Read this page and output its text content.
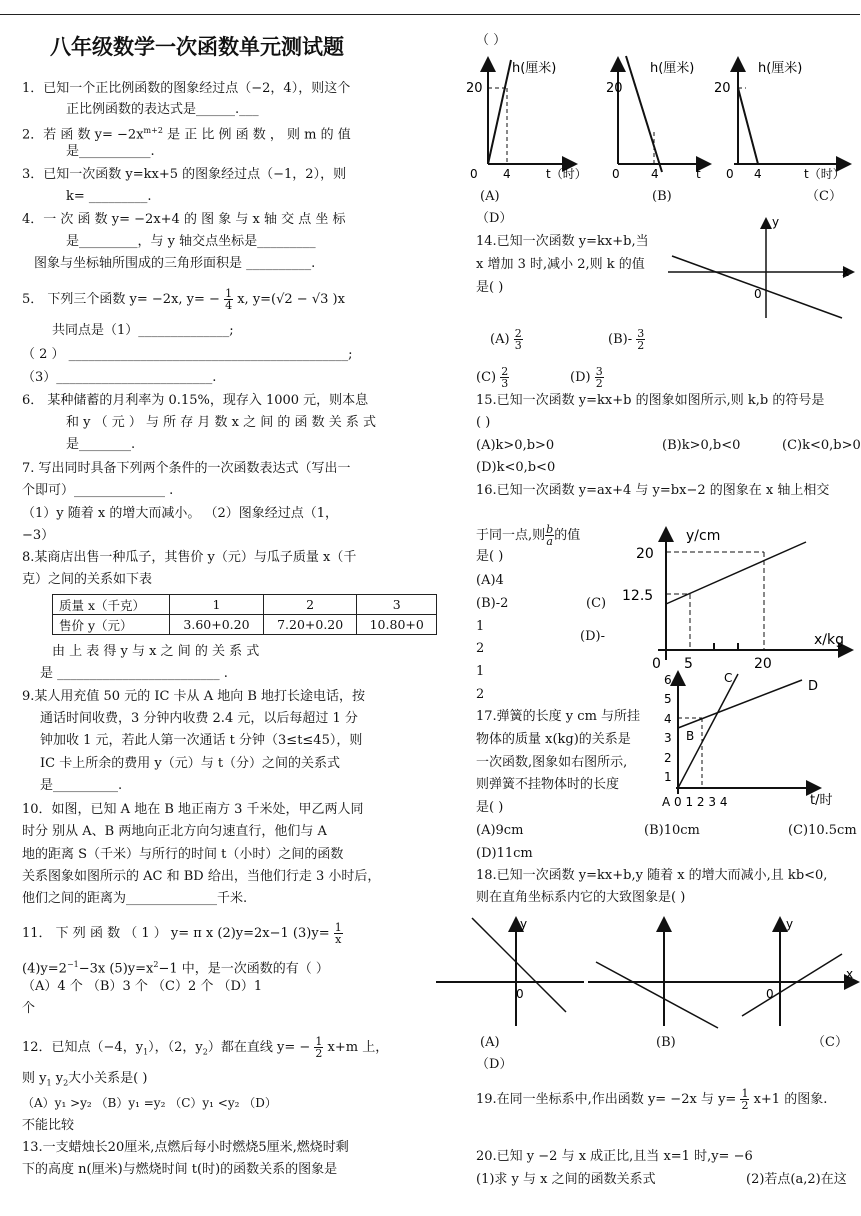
八年级数学一次函数单元测试题
1．已知一个正比例函数的图象经过点（−2，4），则这个
正比例函数的表达式是______.___
2．若 函 数 $y= -2x^{m+2}$ 是 正 比 例 函 数 ， 则 m 的 值
是___________.
3．已知一次函数 y=kx+5 的图象经过点（−1，2），则
k= _________.
4．一 次 函 数 y= −2x+4 的 图 象 与 x 轴 交 点 坐 标
是_________，与 y 轴交点坐标是_________
图象与坐标轴所围成的三角形面积是 __________.
5． 下列三个函数 y= −2x, $y= - \frac{1}{4} x$, y=(√2 − √3 )x
共同点是（1）______________;
（ 2 ） ___________________________________________;
（3）________________________.
6． 某种储蓄的月利率为 0.15%，现存入 1000 元，则本息
和 y （ 元 ） 与 所 存 月 数 x 之 间 的 函 数 关 系 式
是________.
7. 写出同时具备下列两个条件的一次函数表达式（写出一
个即可）______________ .
（1）y 随着 x 的增大而减小。 （2）图象经过点（1，
−3）
8.某商店出售一种瓜子，其售价 y（元）与瓜子质量 x（千
克）之间的关系如下表
质量 x（千克）	1	2	3
售价 y（元）	3.60+0.20	7.20+0.20	10.80+0
由 上 表 得 y 与 x 之 间 的 关 系 式
是 _________________________ .
9.某人用充值 50 元的 IC 卡从 A 地向 B 地打长途电话，按
通话时间收费，3 分钟内收费 2.4 元，以后每超过 1 分
钟加收 1 元，若此人第一次通话 t 分钟（3≤t≤45），则
IC 卡上所余的费用 y（元）与 t（分）之间的关系式
是__________.
10．如图，已知 A 地在 B 地正南方 3 千米处，甲乙两人同
时分 别从 A、B 两地向正北方向匀速直行，他们与 A
地的距离 S（千米）与所行的时间 t（小时）之间的函数
关系图象如图所示的 AC 和 BD 给出，当他们行走 3 小时后，
他们之间的距离为______________千米.
11． 下 列 函 数 （ 1 ） y= π x (2)y=2x−1 $(3)y= \frac{1}{x}$
$(4)y=2^{-1}-3x$ $(5)y=x^2-1$ 中，是一次函数的有（ ）
（A）4 个 （B）3 个 （C）2 个 （D）1
个
12．已知点（−4，$y_1$），（2，$y_2$）都在直线 $y= - \frac{1}{2} x+m$ 上，
则 $y_1$ $y_2$大小关系是( )
（A）y₁ >y₂ （B）y₁ =y₂ （C）y₁ <y₂ （D）
不能比较
13.一支蜡烛长20厘米,点燃后每小时燃烧5厘米,燃烧时剩
下的高度 n(厘米)与燃烧时间 t(时)的函数关系的图象是
（ ）
20
h(厘米)
0 4
20
h(厘米)
0	4	t
20
h(厘米)
0 4	t（时）
t（时）
(A)	(B)	（C）
（D）
14.已知一次函数 y=kx+b,当
x 增加 3 时,减小 2,则 k 的值
是( )
y
x
0
$(A) \frac{2}{3}$	$(B)- \frac{3}{2}$
$(C) \frac{2}{3}$	$(D) \frac{3}{2}$
15.已知一次函数 y=kx+b 的图象如图所示,则 k,b 的符号是
( )
(A)k>0,b>0	(B)k>0,b<0	(C)k<0,b>0
(D)k<0,b<0
16.已知一次函数 y=ax+4 与 y=bx−2 的图象在 x 轴上相交
于同一点,则 $\frac{b}{a}$ 的值
是( )
(A)4
(B)-2	(C)
1
2
(D)-
1
2
20
12.5
y/cm
0 5	20
x/kg
17.弹簧的长度 y cm 与所挂
物体的质量 x(kg)的关系是
一次函数,图象如右图所示,
则弹簧不挂物体时的长度
是( )
(A)9cm	(B)10cm	(C)10.5cm
(D)11cm
6
5
4
3
2
1
C
D
B
A 0 1 2 3 4	t/时
18.已知一次函数 y=kx+b,y 随着 x 的增大而减小,且 kb<0,
则在直角坐标系内它的大致图象是( )
y
0
y
x
0
(A)	(B)	（C）
（D）
19.在同一坐标系中,作出函数 y= −2x 与 $y= \frac{1}{2} x+1$ 的图象.
20.已知 y −2 与 x 成正比,且当 x=1 时,y= −6
(1)求 y 与 x 之间的函数关系式	(2)若点(a,2)在这
